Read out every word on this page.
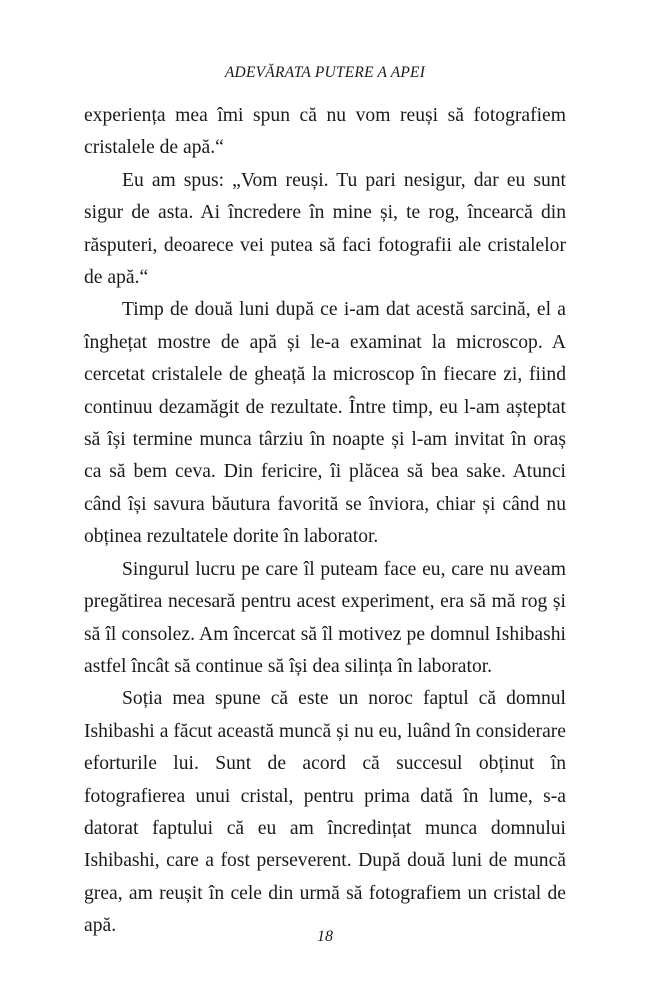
ADEVĂRATA PUTERE A APEI

experiența mea îmi spun că nu vom reuși să fotografiem cristalele de apă.“

Eu am spus: „Vom reuși. Tu pari nesigur, dar eu sunt sigur de asta. Ai încredere în mine și, te rog, încearcă din răsputeri, deoarece vei putea să faci fotografii ale cristalelor de apă.“

Timp de două luni după ce i-am dat acestă sarcină, el a înghețat mostre de apă și le-a examinat la microscop. A cercetat cristalele de gheață la microscop în fiecare zi, fiind continuu dezamăgit de rezultate. Între timp, eu l-am așteptat să își termine munca târziu în noapte și l-am invitat în oraș ca să bem ceva. Din fericire, îi plăcea să bea sake. Atunci când își savura băutura favorită se înviora, chiar și când nu obținea rezultatele dorite în laborator.

Singurul lucru pe care îl puteam face eu, care nu aveam pregătirea necesară pentru acest experiment, era să mă rog și să îl consolez. Am încercat să îl motivez pe domnul Ishibashi astfel încât să continue să își dea silința în laborator.

Soția mea spune că este un noroc faptul că domnul Ishibashi a făcut această muncă și nu eu, luând în considerare eforturile lui. Sunt de acord că succesul obținut în fotografierea unui cristal, pentru prima dată în lume, s-a datorat faptului că eu am încredințat munca domnului Ishibashi, care a fost perseverent. După două luni de muncă grea, am reușit în cele din urmă să fotografiem un cristal de apă.

18
